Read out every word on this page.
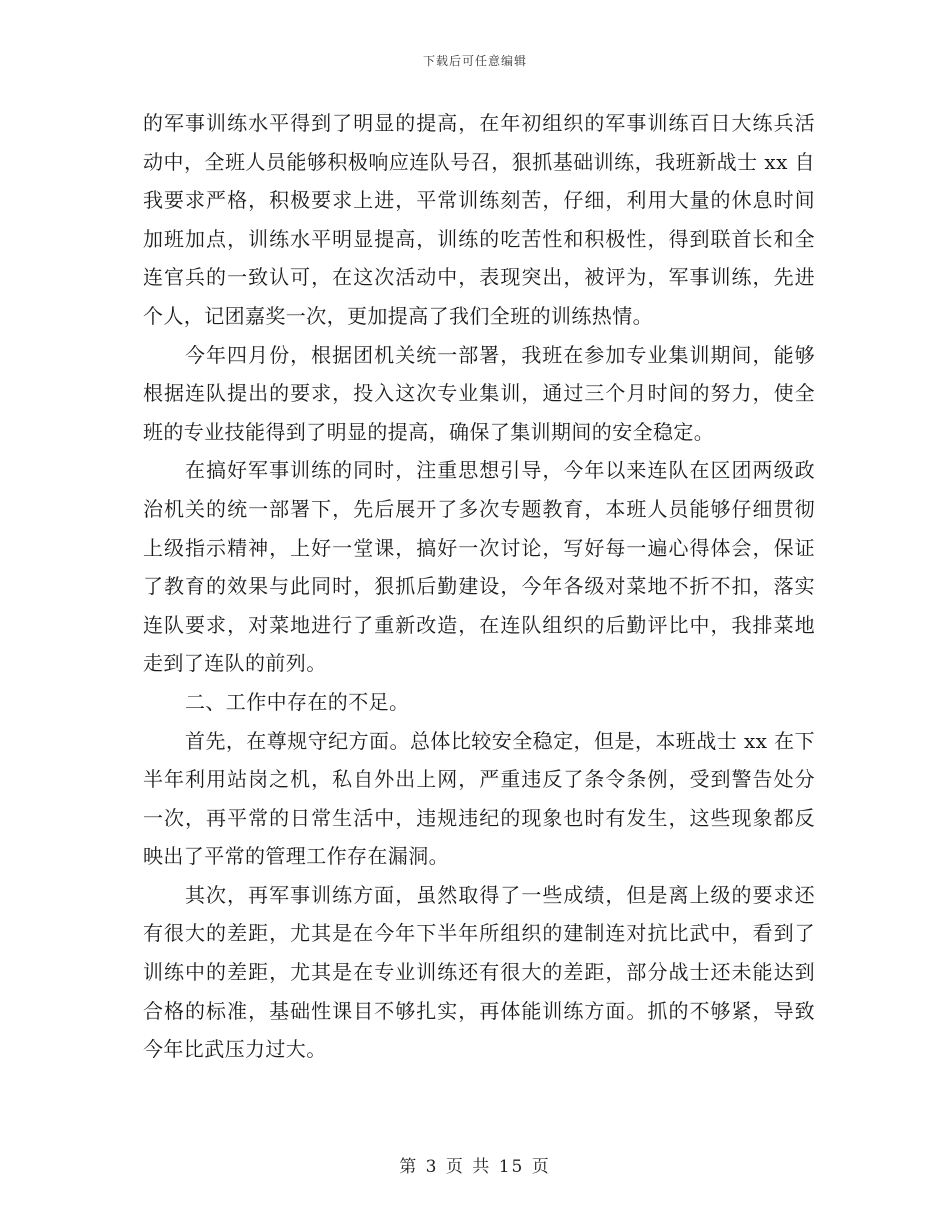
下载后可任意编辑

的军事训练水平得到了明显的提高，在年初组织的军事训练百日大练兵活动中，全班人员能够积极响应连队号召，狠抓基础训练，我班新战士 xx 自我要求严格，积极要求上进，平常训练刻苦，仔细，利用大量的休息时间加班加点，训练水平明显提高，训练的吃苦性和积极性，得到联首长和全连官兵的一致认可，在这次活动中，表现突出，被评为，军事训练，先进个人，记团嘉奖一次，更加提高了我们全班的训练热情。

今年四月份，根据团机关统一部署，我班在参加专业集训期间，能够根据连队提出的要求，投入这次专业集训，通过三个月时间的努力，使全班的专业技能得到了明显的提高，确保了集训期间的安全稳定。

在搞好军事训练的同时，注重思想引导，今年以来连队在区团两级政治机关的统一部署下，先后展开了多次专题教育，本班人员能够仔细贯彻上级指示精神，上好一堂课，搞好一次讨论，写好每一遍心得体会，保证了教育的效果与此同时，狠抓后勤建设，今年各级对菜地不折不扣，落实连队要求，对菜地进行了重新改造，在连队组织的后勤评比中，我排菜地走到了连队的前列。

二、工作中存在的不足。

首先，在尊规守纪方面。总体比较安全稳定，但是，本班战士 xx 在下半年利用站岗之机，私自外出上网，严重违反了条令条例，受到警告处分一次，再平常的日常生活中，违规违纪的现象也时有发生，这些现象都反映出了平常的管理工作存在漏洞。

其次，再军事训练方面，虽然取得了一些成绩，但是离上级的要求还有很大的差距，尤其是在今年下半年所组织的建制连对抗比武中，看到了训练中的差距，尤其是在专业训练还有很大的差距，部分战士还未能达到合格的标准，基础性课目不够扎实，再体能训练方面。抓的不够紧，导致今年比武压力过大。

第 3 页 共 15 页
